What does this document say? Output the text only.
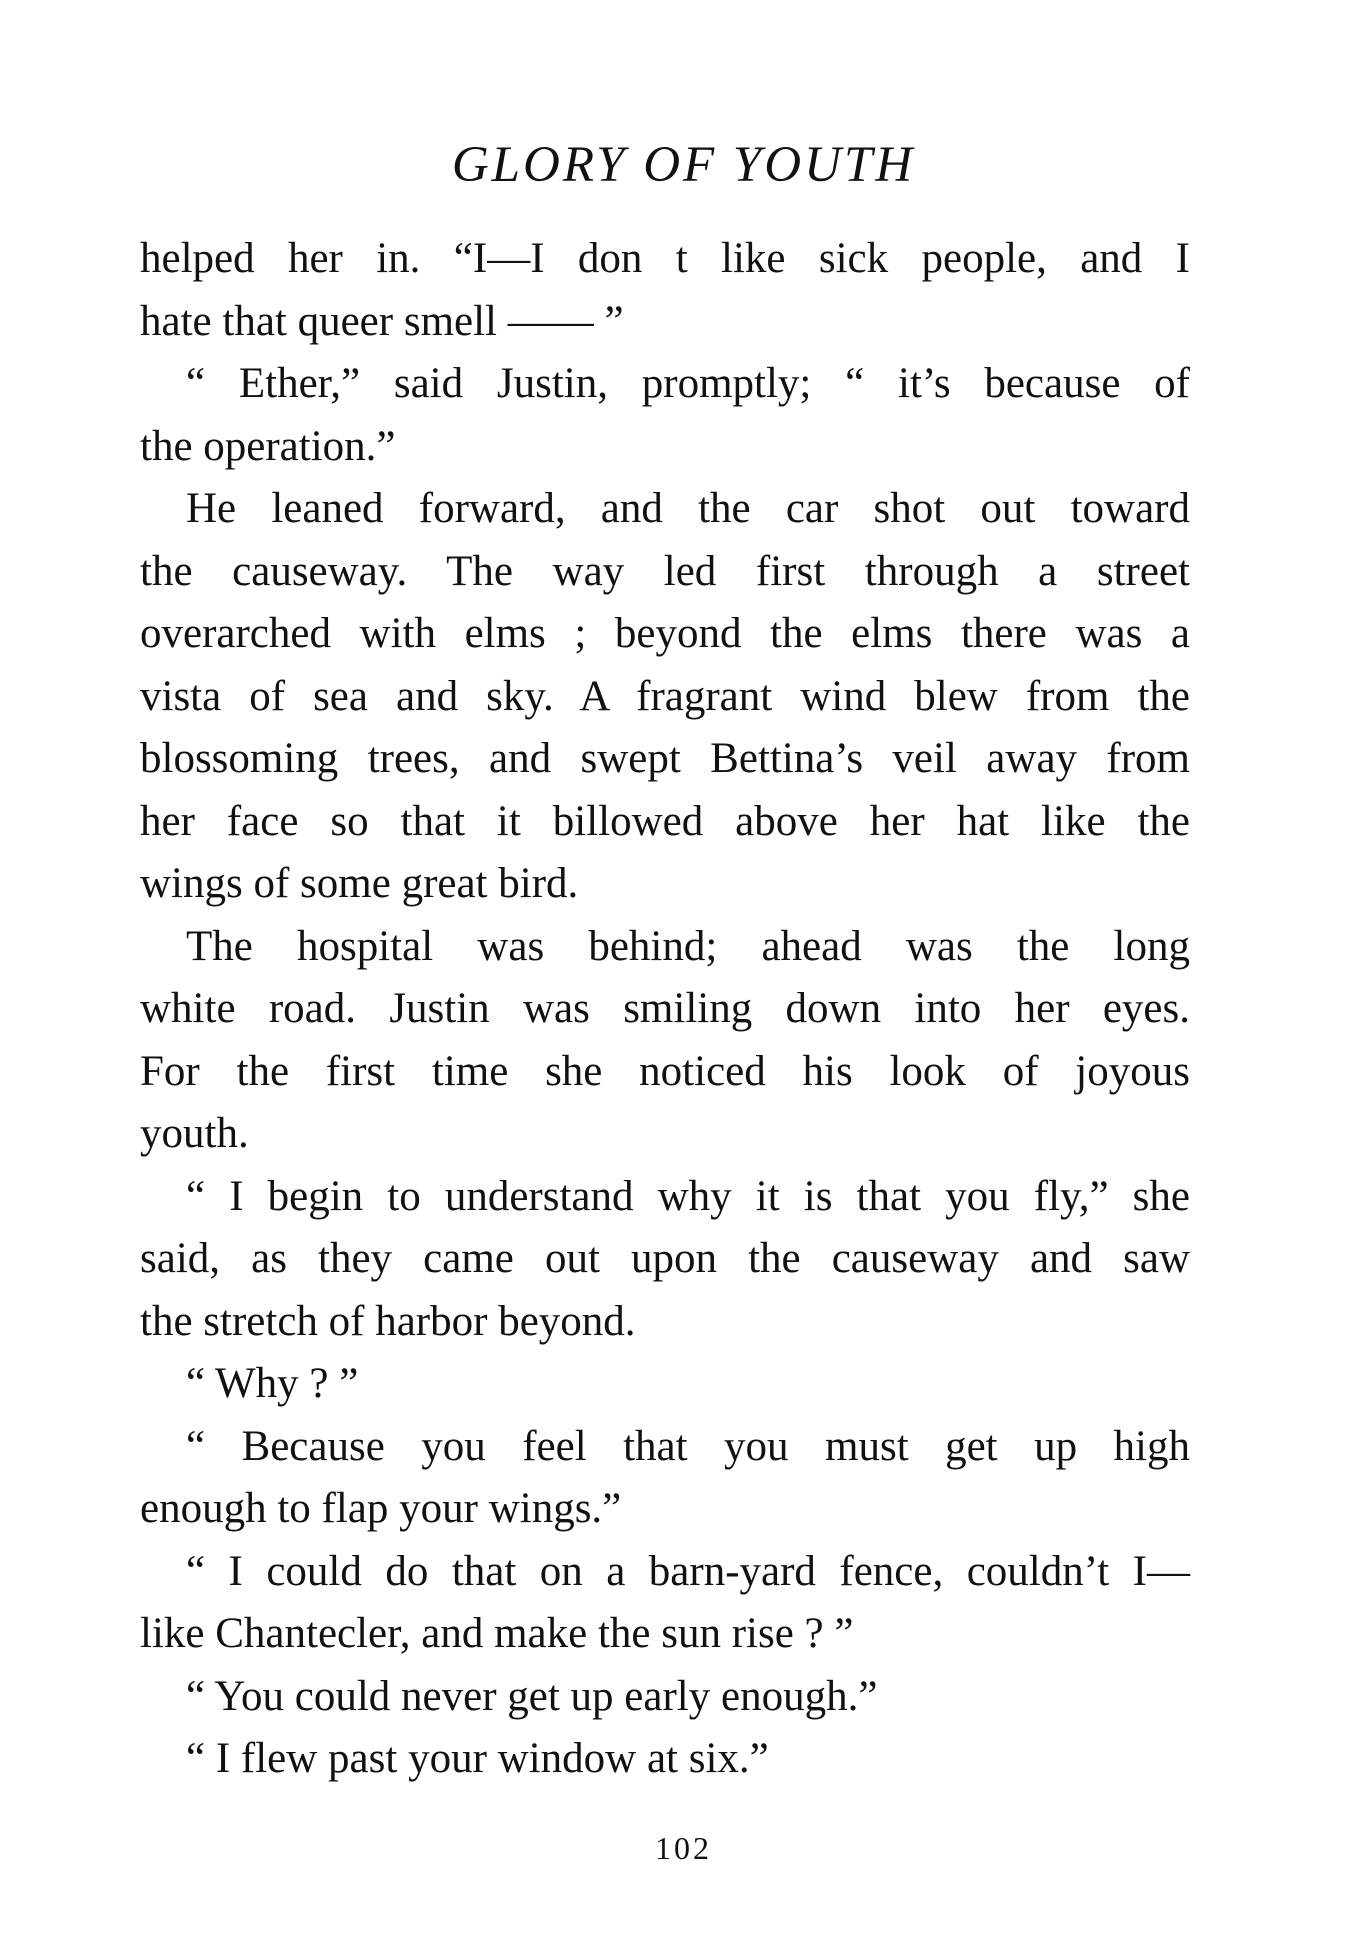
GLORY OF YOUTH
helped her in. “I—I don t like sick people, and I
hate that queer smell —— ”
“ Ether,” said Justin, promptly; “ it’s because of
the operation.”
He leaned forward, and the car shot out toward
the causeway. The way led first through a street
overarched with elms ; beyond the elms there was a
vista of sea and sky. A fragrant wind blew from the
blossoming trees, and swept Bettina’s veil away from
her face so that it billowed above her hat like the
wings of some great bird.
The hospital was behind; ahead was the long
white road. Justin was smiling down into her eyes.
For the first time she noticed his look of joyous
youth.
“ I begin to understand why it is that you fly,” she
said, as they came out upon the causeway and saw
the stretch of harbor beyond.
“ Why ? ”
“ Because you feel that you must get up high
enough to flap your wings.”
“ I could do that on a barn-yard fence, couldn’t I—
like Chantecler, and make the sun rise ? ”
“ You could never get up early enough.”
“ I flew past your window at six.”
102
